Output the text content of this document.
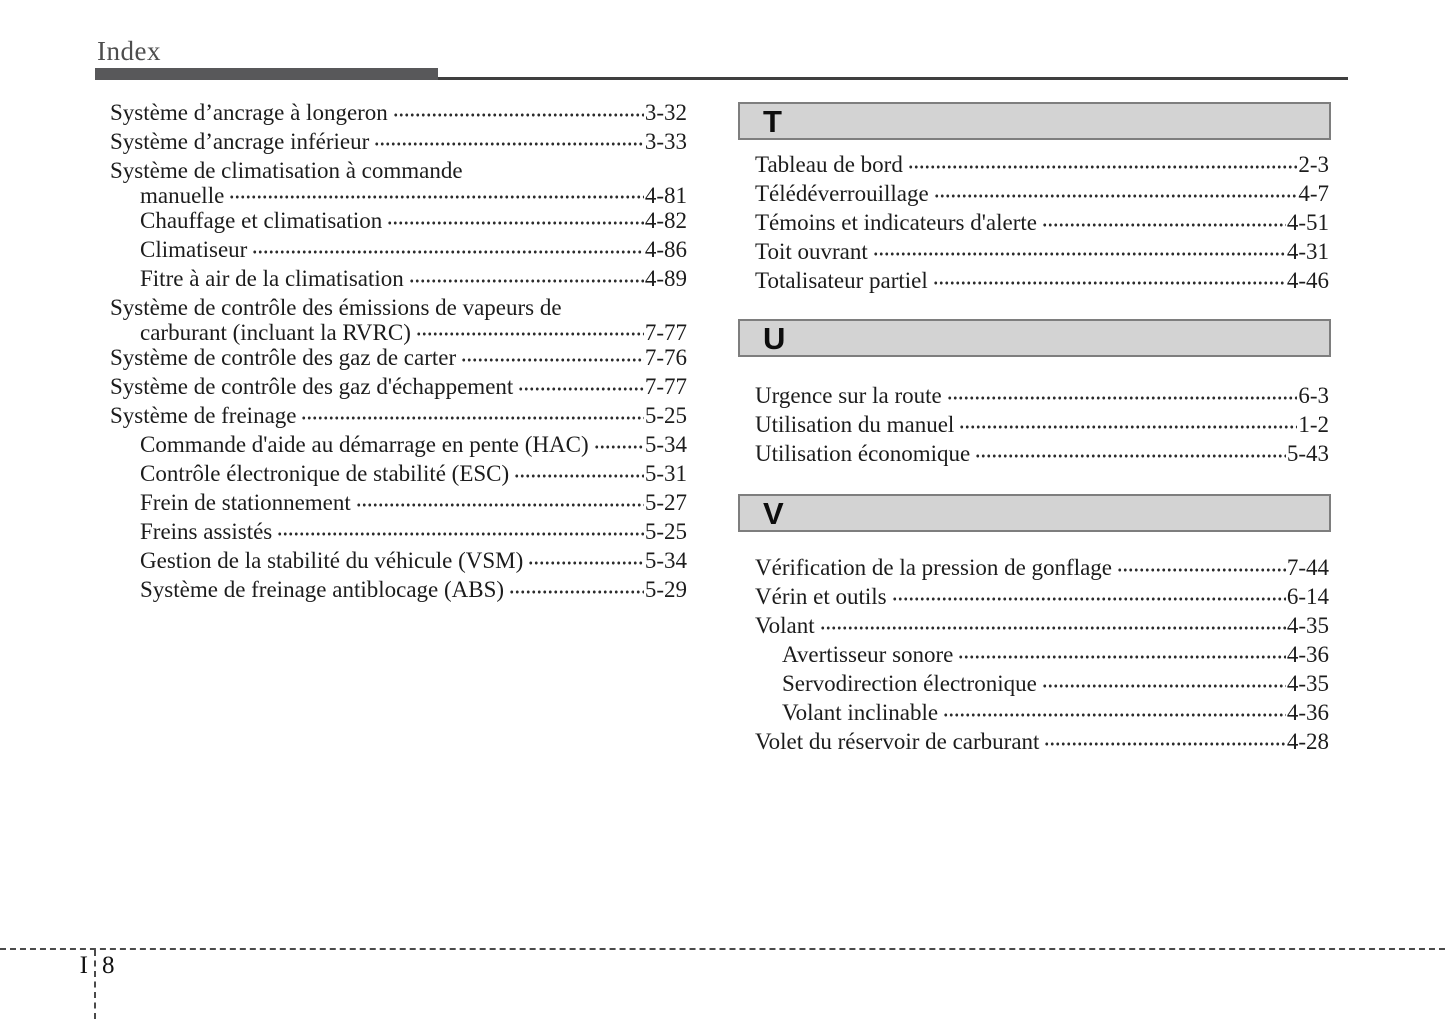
Index
Système d’ancrage à longeron	3-32
Système d’ancrage inférieur	3-33
Système de climatisation à commande
manuelle	4-81
Chauffage et climatisation	4-82
Climatiseur	4-86
Fitre à air de la climatisation	4-89
Système de contrôle des émissions de vapeurs de
carburant (incluant la RVRC)	7-77
Système de contrôle des gaz de carter	7-76
Système de contrôle des gaz d'échappement	7-77
Système de freinage	5-25
Commande d'aide au démarrage en pente (HAC) 5-34
Contrôle électronique de stabilité (ESC)	5-31
Frein de stationnement	5-27
Freins assistés	5-25
Gestion de la stabilité du véhicule (VSM)	5-34
Système de freinage antiblocage (ABS)	5-29
T
Tableau de bord	2-3
Télédéverrouillage	4-7
Témoins et indicateurs d'alerte	4-51
Toit ouvrant	4-31
Totalisateur partiel	4-46
U
Urgence sur la route	6-3
Utilisation du manuel	1-2
Utilisation économique	5-43
V
Vérification de la pression de gonflage	7-44
Vérin et outils	6-14
Volant	4-35
Avertisseur sonore	4-36
Servodirection électronique	4-35
Volant inclinable	4-36
Volet du réservoir de carburant	4-28
I 8
